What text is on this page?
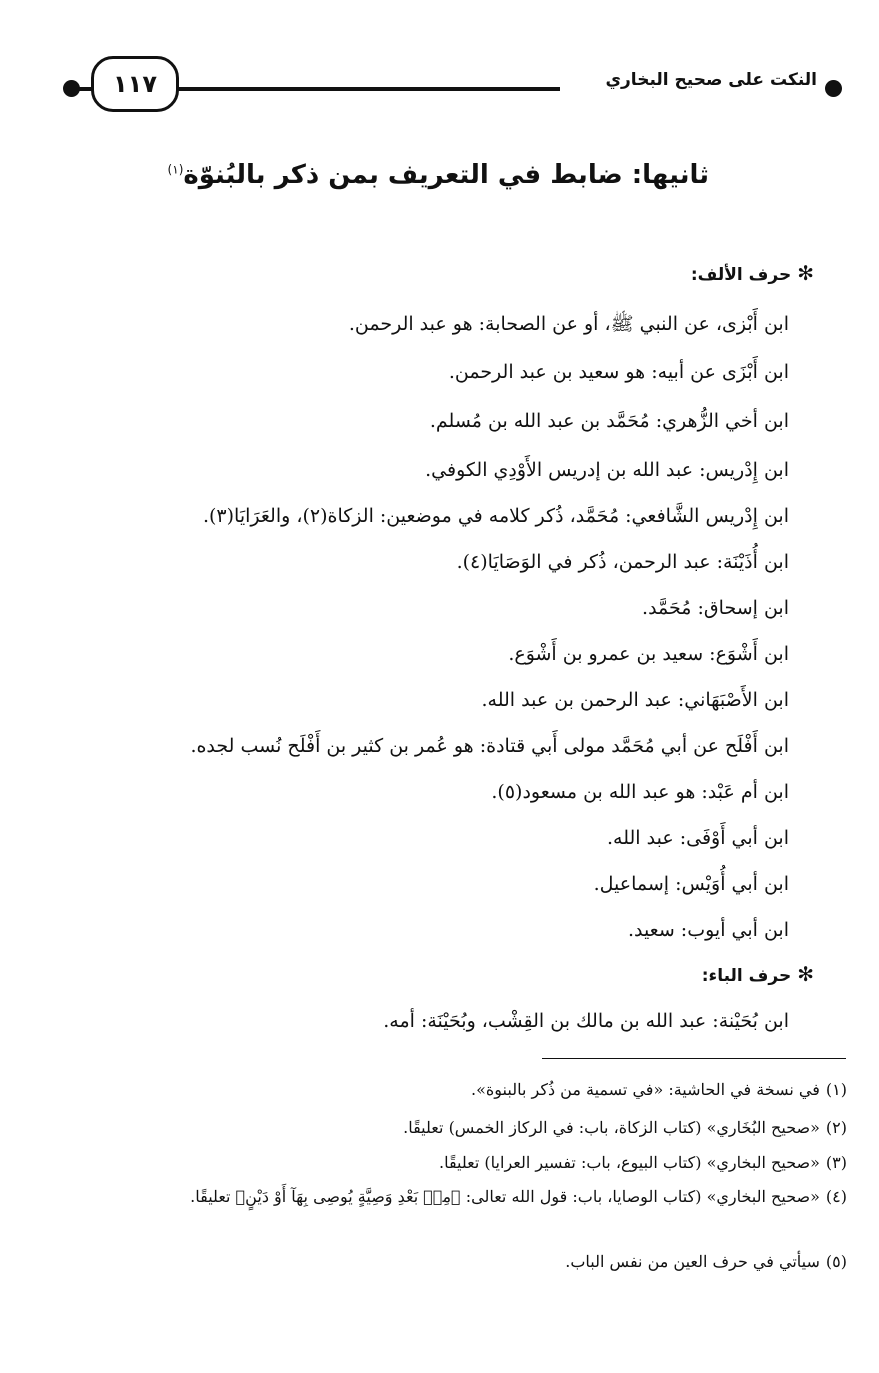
١١٧	النكت على صحيح البخاري
ثانيها: ضابط في التعريف بمن ذكر بالبُنوّة$^{(١)}$
✻حرف الألف:
ابن أَبْزى، عن النبي ﷺ، أو عن الصحابة: هو عبد الرحمن.
ابن أَبْزَى عن أبيه: هو سعيد بن عبد الرحمن.
ابن أخي الزُّهري: مُحَمَّد بن عبد الله بن مُسلم.
ابن إِدْريس: عبد الله بن إدريس الأَوْدِي الكوفي.
ابن إِدْريس الشَّافعي: مُحَمَّد، ذُكر كلامه في موضعين: الزكاة(٢)، والعَرَايَا(٣).
ابن أُذَيْنَة: عبد الرحمن، ذُكر في الوَصَايَا(٤).
ابن إسحاق: مُحَمَّد.
ابن أَشْوَع: سعيد بن عمرو بن أَشْوَع.
ابن الأَصْبَهَاني: عبد الرحمن بن عبد الله.
ابن أَفْلَح عن أبي مُحَمَّد مولى أَبي قتادة: هو عُمر بن كثير بن أَفْلَح نُسب لجده.
ابن أم عَبْد: هو عبد الله بن مسعود(٥).
ابن أبي أَوْفَى: عبد الله.
ابن أبي أُوَيْس: إسماعيل.
ابن أبي أيوب: سعيد.
✻حرف الباء:
ابن بُحَيْنة: عبد الله بن مالك بن القِشْب، وبُحَيْنَة: أمه.
(١)في نسخة في الحاشية: «في تسمية من ذُكر بالبنوة».
(٢)«صحيح البُخَاري» (كتاب الزكاة، باب: في الركاز الخمس) تعليقًا.
(٣)«صحيح البخاري» (كتاب البيوع، باب: تفسير العرايا) تعليقًا.
(٤)«صحيح البخاري» (كتاب الوصايا، باب: قول الله تعالى: ﴿مِنۢ بَعْدِ وَصِيَّةٍ يُوصِى بِهَآ أَوْ دَيْنٍ﴾ تعليقًا.
(٥)سيأتي في حرف العين من نفس الباب.
